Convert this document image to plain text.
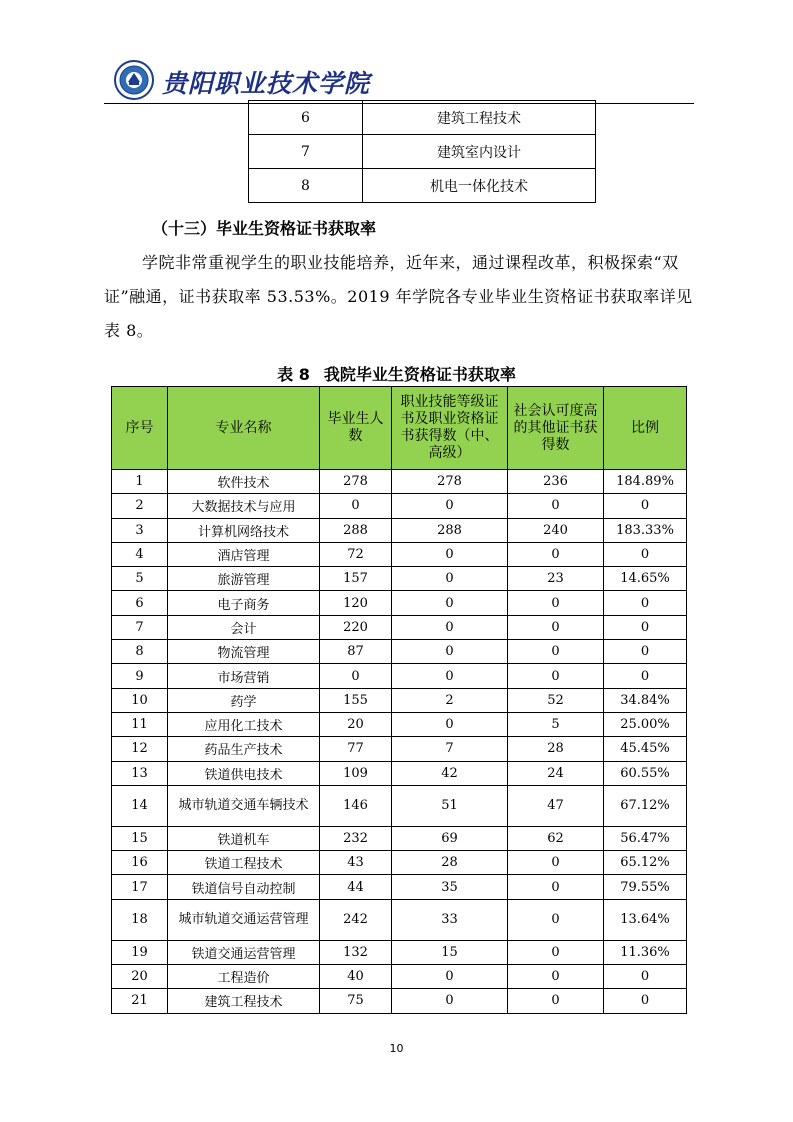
贵阳职业技术学院
6	建筑工程技术
7	建筑室内设计
8	机电一体化技术
（十三）毕业生资格证书获取率
学院非常重视学生的职业技能培养，近年来，通过课程改革，积极探索“双证”融通，证书获取率 53.53%。2019 年学院各专业毕业生资格证书获取率详见表 8。
表 8 我院毕业生资格证书获取率
序号	专业名称	毕业生人数	职业技能等级证书及职业资格证书获得数（中、高级）	社会认可度高的其他证书获得数	比例
1	软件技术	278	278	236	184.89%
2	大数据技术与应用	0	0	0	0
3	计算机网络技术	288	288	240	183.33%
4	酒店管理	72	0	0	0
5	旅游管理	157	0	23	14.65%
6	电子商务	120	0	0	0
7	会计	220	0	0	0
8	物流管理	87	0	0	0
9	市场营销	0	0	0	0
10	药学	155	2	52	34.84%
11	应用化工技术	20	0	5	25.00%
12	药品生产技术	77	7	28	45.45%
13	铁道供电技术	109	42	24	60.55%
14	城市轨道交通车辆技术	146	51	47	67.12%
15	铁道机车	232	69	62	56.47%
16	铁道工程技术	43	28	0	65.12%
17	铁道信号自动控制	44	35	0	79.55%
18	城市轨道交通运营管理	242	33	0	13.64%
19	铁道交通运营管理	132	15	0	11.36%
20	工程造价	40	0	0	0
21	建筑工程技术	75	0	0	0
10
